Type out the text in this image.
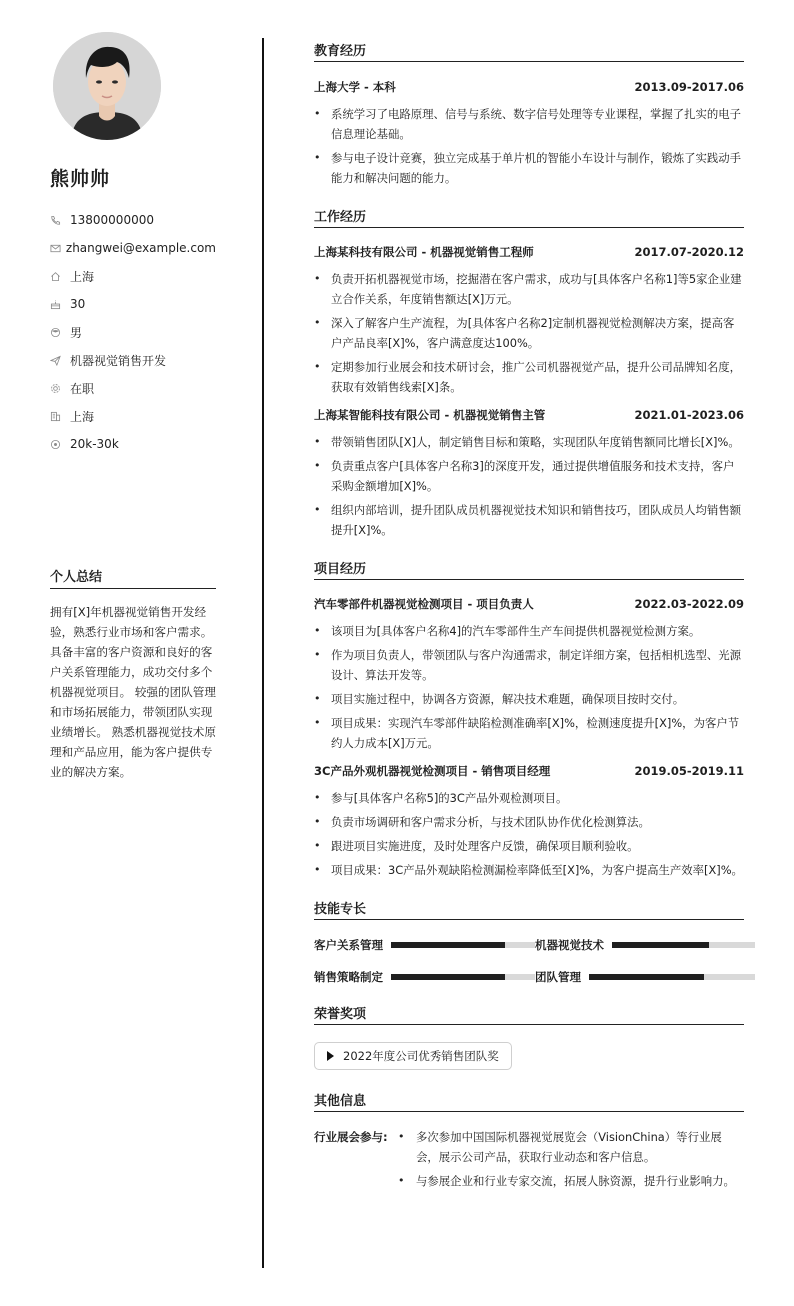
熊帅帅
13800000000
zhangwei@example.com
上海
30
男
机器视觉销售开发
在职
上海
20k-30k
个人总结
拥有[X]年机器视觉销售开发经验，熟悉行业市场和客户需求。 具备丰富的客户资源和良好的客户关系管理能力，成功交付多个机器视觉项目。 较强的团队管理和市场拓展能力，带领团队实现业绩增长。 熟悉机器视觉技术原理和产品应用，能为客户提供专业的解决方案。
教育经历
上海大学 - 本科	2013.09-2017.06
• 系统学习了电路原理、信号与系统、数字信号处理等专业课程，掌握了扎实的电子信息理论基础。
• 参与电子设计竞赛，独立完成基于单片机的智能小车设计与制作，锻炼了实践动手能力和解决问题的能力。
工作经历
上海某科技有限公司 - 机器视觉销售工程师	2017.07-2020.12
• 负责开拓机器视觉市场，挖掘潜在客户需求，成功与[具体客户名称1]等5家企业建立合作关系，年度销售额达[X]万元。
• 深入了解客户生产流程，为[具体客户名称2]定制机器视觉检测解决方案，提高客户产品良率[X]%，客户满意度达100%。
• 定期参加行业展会和技术研讨会，推广公司机器视觉产品，提升公司品牌知名度，获取有效销售线索[X]条。
上海某智能科技有限公司 - 机器视觉销售主管	2021.01-2023.06
• 带领销售团队[X]人，制定销售目标和策略，实现团队年度销售额同比增长[X]%。
• 负责重点客户[具体客户名称3]的深度开发，通过提供增值服务和技术支持，客户采购金额增加[X]%。
• 组织内部培训，提升团队成员机器视觉技术知识和销售技巧，团队成员人均销售额提升[X]%。
项目经历
汽车零部件机器视觉检测项目 - 项目负责人	2022.03-2022.09
• 该项目为[具体客户名称4]的汽车零部件生产车间提供机器视觉检测方案。
• 作为项目负责人，带领团队与客户沟通需求，制定详细方案，包括相机选型、光源设计、算法开发等。
• 项目实施过程中，协调各方资源，解决技术难题，确保项目按时交付。
• 项目成果：实现汽车零部件缺陷检测准确率[X]%，检测速度提升[X]%，为客户节约人力成本[X]万元。
3C产品外观机器视觉检测项目 - 销售项目经理	2019.05-2019.11
• 参与[具体客户名称5]的3C产品外观检测项目。
• 负责市场调研和客户需求分析，与技术团队协作优化检测算法。
• 跟进项目实施进度，及时处理客户反馈，确保项目顺利验收。
• 项目成果：3C产品外观缺陷检测漏检率降低至[X]%，为客户提高生产效率[X]%。
技能专长
客户关系管理	机器视觉技术
销售策略制定	团队管理
荣誉奖项
2022年度公司优秀销售团队奖
其他信息
行业展会参与:
•	多次参加中国国际机器视觉展览会（VisionChina）等行业展会，展示公司产品，获取行业动态和客户信息。
• 与参展企业和行业专家交流，拓展人脉资源，提升行业影响力。
